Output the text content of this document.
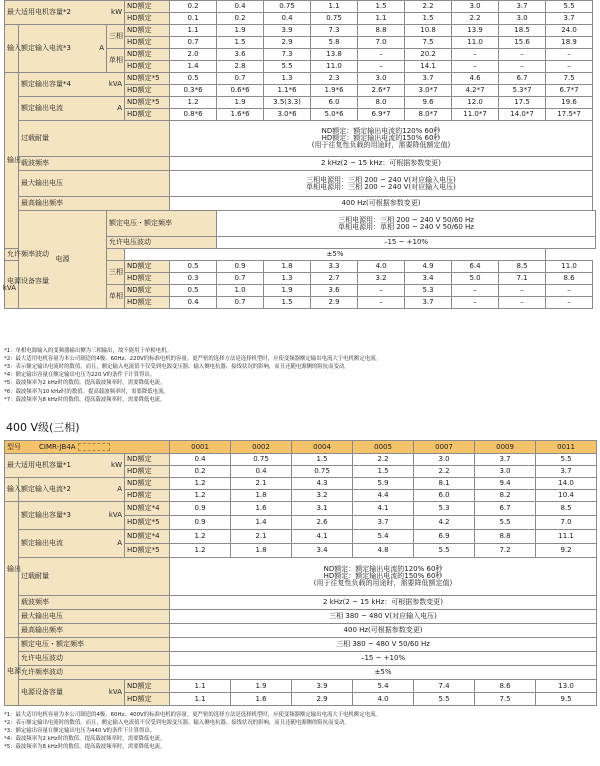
最大适用电机容量*2 kW			ND额定	0.2	0.4	0.75	1.1	1.5	2.2	3.0	3.7	5.5
			HD额定	0.1	0.2	0.4	0.75	1.1	1.5	2.2	3.0	3.7
输入	额定输入电流*3 A	三相	ND额定	1.1	1.9	3.9	7.3	8.8	10.8	13.9	18.5	24.0
			HD额定	0.7	1.5	2.9	5.8	7.0	7.5	11.0	15.6	18.9
		单相	ND额定	2.0	3.6	7.3	13.8	–	20.2	–	–	–
			HD额定	1.4	2.8	5.5	11.0	–	14.1	–	–	–
输出	额定输出容量*4 kVA		ND额定*5	0.5	0.7	1.3	2.3	3.0	3.7	4.6	6.7	7.5
			HD额定	0.3*6	0.6*6	1.1*6	1.9*6	2.6*7	3.0*7	4.2*7	5.3*7	6.7*7
	额定输出电流 A		ND额定*5	1.2	1.9	3.5(3.3)	6.0	8.0	9.6	12.0	17.5	19.6
			HD额定	0.8*6	1.6*6	3.0*6	5.0*6	6.9*7	8.0*7	11.0*7	14.0*7	17.5*7
	过载耐量			ND额定：额定输出电流的120% 60秒
HD额定：额定输出电流的150% 60秒
(用于往复性负载的用途时，需要降低额定值)								

	载波频率			2 kHz(2 ~ 15 kHz：可根据参数变更)								
	最大输出电压			三相电源用：三相 200 ~ 240 V(对应输入电压)
单相电源用：三相 200 ~ 240 V(对应输入电压)								

	最高输出频率			400 Hz(可根据参数变更)								
	电源	额定电压・额定频率			三相电源用：三相 200 ~ 240 V 50/60 Hz
单相电源用：单相 200 ~ 240 V 50/60 Hz							

		允许电压波动			–15 ~ +10%							
允许频率波动			±5%									
电源设备容量
kVA		三相	ND额定	0.5	0.9	1.8	3.3	4.0	4.9	6.4	8.5	11.0
			HD额定	0.3	0.7	1.3	2.7	3.2	3.4	5.0	7.1	8.6
		单相	ND额定	0.5	1.0	1.9	3.6	–	5.3	–	–	–
			HD额定	0.4	0.7	1.5	2.9	–	3.7	–	–	–
*1：单相电源输入的变频器输出侧为三相输出，故不能用于单相电机。
*2：最大适用电机容量为本公司制造的4极、60Hz、220V的标准电机的容量。更严密的选择方法是选择机型时，应使变频器额定输出电流大于电机额定电流。
*3：表示额定输出电流时的数值。而且，额定输入电流值不仅受到电源变压器、输入侧电抗器、接线状况的影响，而且还随电源侧的阻抗而变动。
*4：额定输出容量在额定输出电压为220 V的条件下计算得出。
*5：载波频率为2 kHz时的数值。提高载波频率时，需要降低电流。
*6：载波频率为10 kHz时的数值。提高载波频率时，需要降低电流。
*7：载波频率为8 kHz时的数值。提高载波频率时，需要降低电流。
400 V级(三相)
型号 CIMR-JB4A			0001	0002	0004	0005	0007	0009	0011
最大适用电机容量*1 kW		ND额定	0.4	0.75	1.5	2.2	3.0	3.7	5.5
		HD额定	0.2	0.4	0.75	1.5	2.2	3.0	3.7
输入	额定输入电流*2 A	ND额定	1.2	2.1	4.3	5.9	8.1	9.4	14.0
		HD额定	1.2	1.8	3.2	4.4	6.0	8.2	10.4
输出	额定输出容量*3 kVA	ND额定*4	0.9	1.6	3.1	4.1	5.3	6.7	8.5
		HD额定*5	0.9	1.4	2.6	3.7	4.2	5.5	7.0
	额定输出电流 A	ND额定*4	1.2	2.1	4.1	5.4	6.9	8.8	11.1
		HD额定*5	1.2	1.8	3.4	4.8	5.5	7.2	9.2
	过载耐量		ND额定：额定输出电流的120% 60秒
HD额定：额定输出电流的150% 60秒
(用于往复性负载的用途时，需要降低额定值)						

	载波频率		2 kHz(2 ~ 15 kHz：可根据参数变更)						
	最大输出电压		三相 380 ~ 480 V(对应输入电压)						
	最高输出频率		400 Hz(可根据参数变更)						
电源	额定电压・额定频率		三相 380 ~ 480 V 50/60 Hz						
	允许电压波动		–15 ~ +10%						
	允许频率波动		±5%						
	电源设备容量 kVA	ND额定	1.1	1.9	3.9	5.4	7.4	8.6	13.0
		HD额定	1.1	1.6	2.9	4.0	5.5	7.5	9.5
*1：最大适用电机容量为本公司制造的4极、60Hz、400V的标准电机的容量。更严密的选择方法是选择机型时，应使变频器额定输出电流大于电机额定电流。
*2：表示额定输出电流时的数值。而且，额定输入电流值不仅受到电源变压器、输入侧电抗器、接线状况的影响，而且还随电源侧的阻抗而变动。
*3：额定输出容量在额定输出电压为440 V的条件下计算得出。
*4：载波频率为2 kHz时的数值。提高载波频率时，需要降低电流。
*5：载波频率为8 kHz时的数值。提高载波频率时，需要降低电流。
